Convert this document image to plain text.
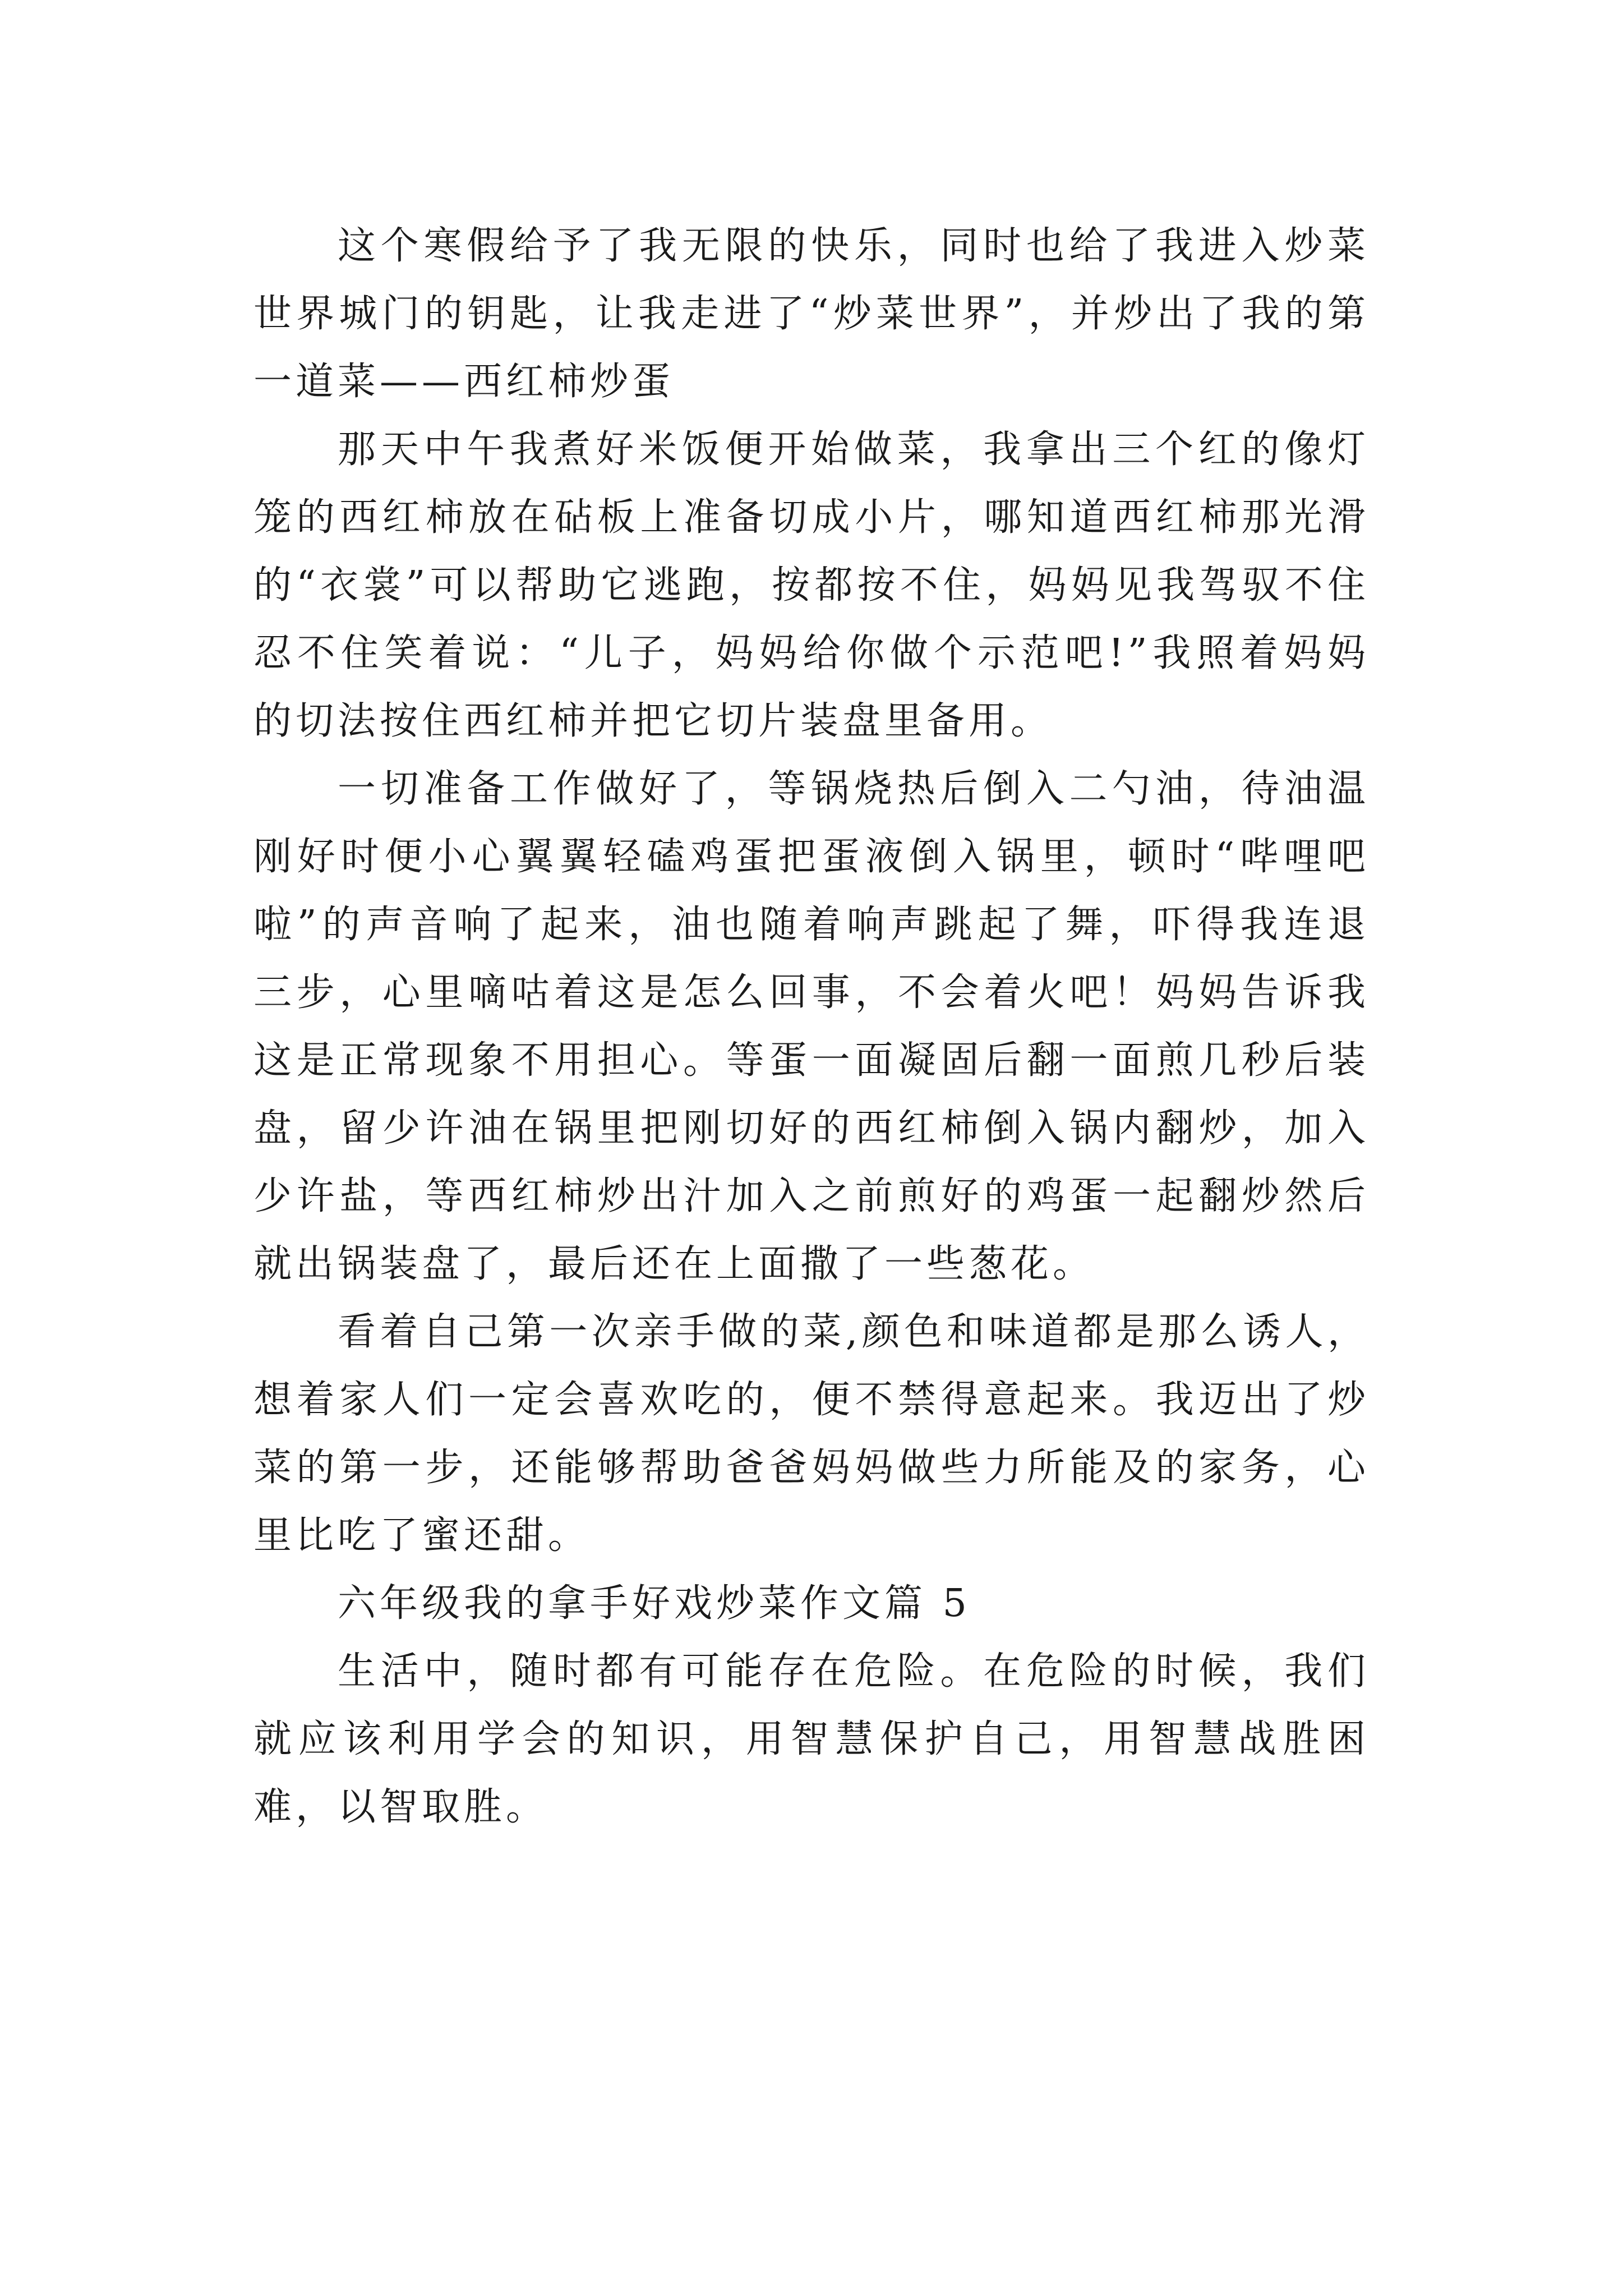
这个寒假给予了我无限的快乐，同时也给了我进入炒菜世界城门的钥匙，让我走进了“炒菜世界”，并炒出了我的第一道菜——西红柿炒蛋

那天中午我煮好米饭便开始做菜，我拿出三个红的像灯笼的西红柿放在砧板上准备切成小片，哪知道西红柿那光滑的“衣裳”可以帮助它逃跑，按都按不住，妈妈见我驾驭不住忍不住笑着说：“儿子，妈妈给你做个示范吧!”我照着妈妈的切法按住西红柿并把它切片装盘里备用。

一切准备工作做好了，等锅烧热后倒入二勺油，待油温刚好时便小心翼翼轻磕鸡蛋把蛋液倒入锅里，顿时“哔哩吧啦”的声音响了起来，油也随着响声跳起了舞，吓得我连退三步，心里嘀咕着这是怎么回事，不会着火吧！妈妈告诉我这是正常现象不用担心。等蛋一面凝固后翻一面煎几秒后装盘，留少许油在锅里把刚切好的西红柿倒入锅内翻炒，加入少许盐，等西红柿炒出汁加入之前煎好的鸡蛋一起翻炒然后就出锅装盘了，最后还在上面撒了一些葱花。

看着自己第一次亲手做的菜,颜色和味道都是那么诱人，想着家人们一定会喜欢吃的，便不禁得意起来。我迈出了炒菜的第一步，还能够帮助爸爸妈妈做些力所能及的家务，心里比吃了蜜还甜。

六年级我的拿手好戏炒菜作文篇 5

生活中，随时都有可能存在危险。在危险的时候，我们就应该利用学会的知识，用智慧保护自己，用智慧战胜困难，以智取胜。
